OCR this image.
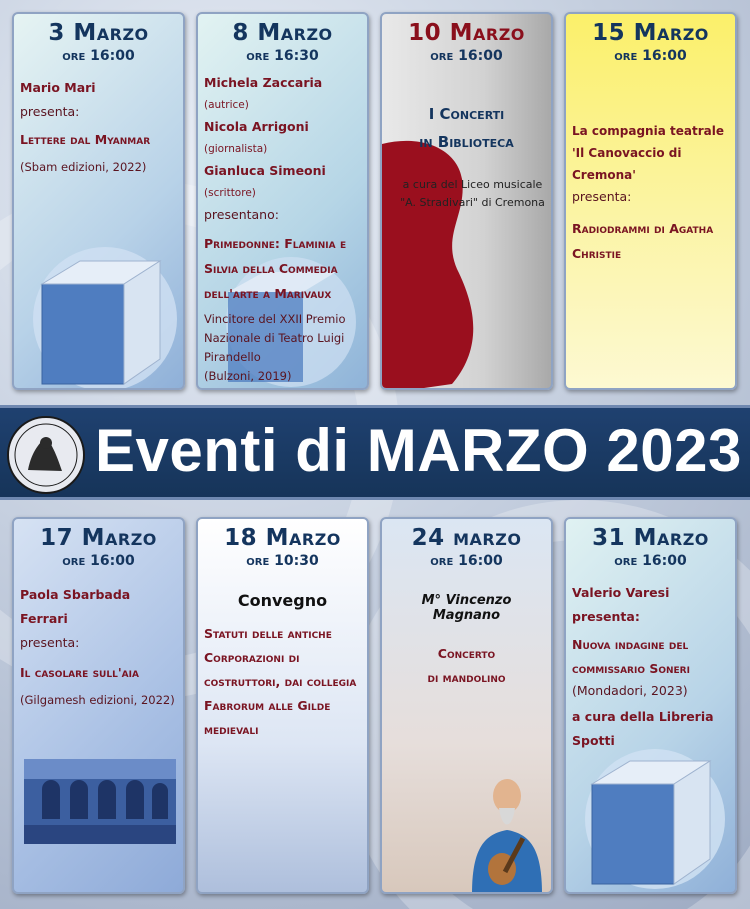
3 Marzo
ore 16:00
Mario Mari
presenta:
Lettere dal Myanmar
(Sbam edizioni, 2022)
8 Marzo
ore 16:30
Michela Zaccaria (autrice)
Nicola Arrigoni (giornalista)
Gianluca Simeoni (scrittore)
presentano:
Primedonne: Flaminia e Silvia della Commedia dell'arte a Marivaux
Vincitore del XXII Premio Nazionale di Teatro Luigi Pirandello
(Bulzoni, 2019)
10 Marzo
ore 16:00
I Concerti
in Biblioteca
a cura del Liceo musicale "A. Stradivari" di Cremona
15 Marzo
ore 16:00
La compagnia teatrale
'Il Canovaccio di Cremona'
presenta:
Radiodrammi di Agatha Christie
Eventi di MARZO 2023
17 Marzo
ore 16:00
Paola Sbarbada Ferrari
presenta:
Il casolare sull'aia
(Gilgamesh edizioni, 2022)
18 Marzo
ore 10:30
Convegno
Statuti delle antiche Corporazioni di costruttori, dai collegia Fabrorum alle Gilde medievali
24 marzo
ore 16:00
M° Vincenzo Magnano
Concerto
di mandolino
31 Marzo
ore 16:00
Valerio Varesi presenta:
Nuova indagine del commissario Soneri
(Mondadori, 2023)
a cura della Libreria Spotti
